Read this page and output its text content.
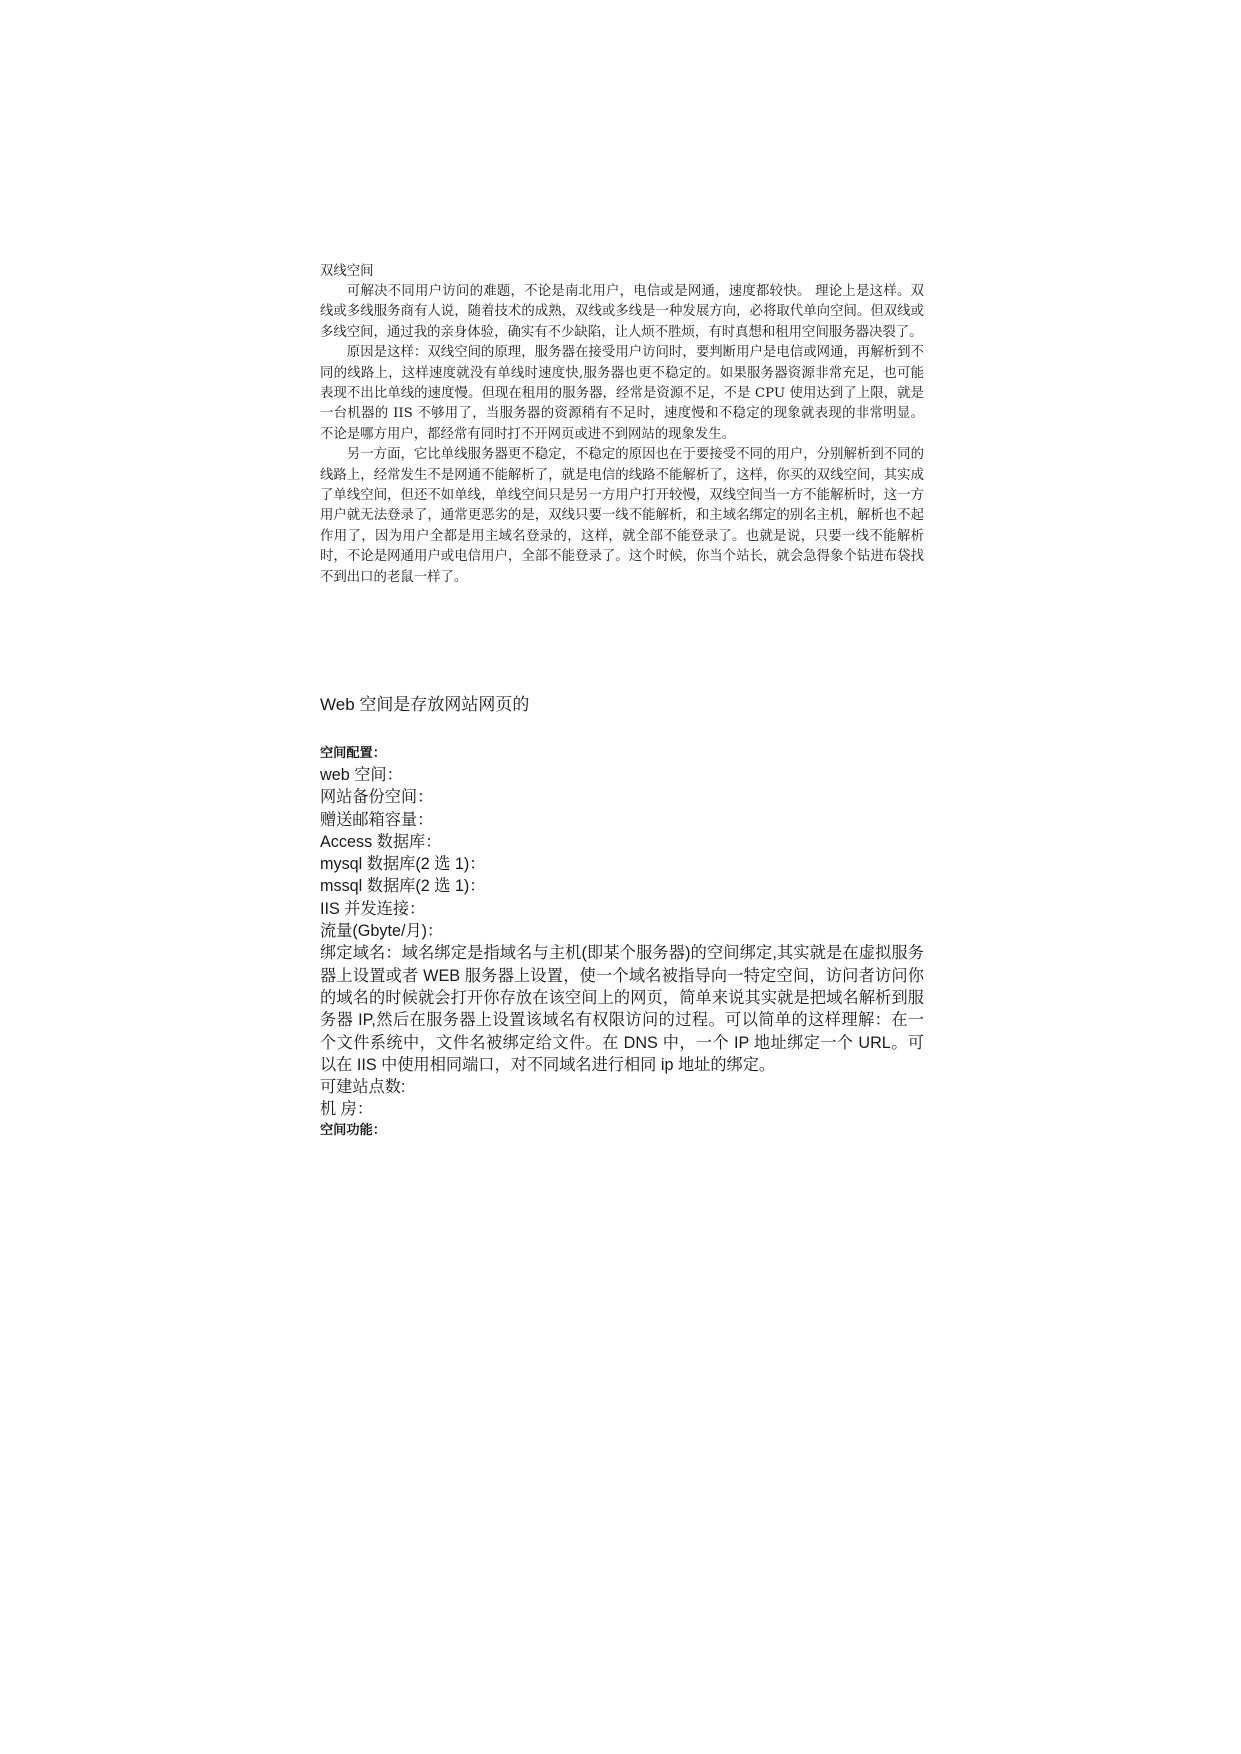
双线空间

可解决不同用户访问的难题，不论是南北用户，电信或是网通，速度都较快。 理论上是这样。双线或多线服务商有人说，随着技术的成熟，双线或多线是一种发展方向，必将取代单向空间。但双线或多线空间，通过我的亲身体验，确实有不少缺陷，让人烦不胜烦，有时真想和租用空间服务器决裂了。

原因是这样：双线空间的原理，服务器在接受用户访问时，要判断用户是电信或网通，再解析到不同的线路上，这样速度就没有单线时速度快,服务器也更不稳定的。如果服务器资源非常充足，也可能表现不出比单线的速度慢。但现在租用的服务器，经常是资源不足，不是 CPU 使用达到了上限，就是一台机器的 IIS 不够用了，当服务器的资源稍有不足时，速度慢和不稳定的现象就表现的非常明显。不论是哪方用户，都经常有同时打不开网页或进不到网站的现象发生。

另一方面，它比单线服务器更不稳定，不稳定的原因也在于要接受不同的用户，分别解析到不同的线路上，经常发生不是网通不能解析了，就是电信的线路不能解析了，这样，你买的双线空间，其实成了单线空间，但还不如单线，单线空间只是另一方用户打开较慢，双线空间当一方不能解析时，这一方用户就无法登录了，通常更恶劣的是，双线只要一线不能解析，和主域名绑定的别名主机，解析也不起作用了，因为用户全都是用主域名登录的，这样，就全部不能登录了。也就是说，只要一线不能解析时，不论是网通用户或电信用户，全部不能登录了。这个时候，你当个站长，就会急得象个钻进布袋找不到出口的老鼠一样了。

Web 空间是存放网站网页的

空间配置：

web 空间：

网站备份空间：

赠送邮箱容量：

Access 数据库：

mysql 数据库(2 选 1)：

mssql 数据库(2 选 1)：

IIS 并发连接：

流量(Gbyte/月)：

绑定域名：域名绑定是指域名与主机(即某个服务器)的空间绑定,其实就是在虚拟服务器上设置或者 WEB 服务器上设置，使一个域名被指导向一特定空间，访问者访问你的域名的时候就会打开你存放在该空间上的网页，简单来说其实就是把域名解析到服务器 IP,然后在服务器上设置该域名有权限访问的过程。可以简单的这样理解：在一个文件系统中，文件名被绑定给文件。在 DNS 中，一个 IP 地址绑定一个 URL。可以在 IIS 中使用相同端口，对不同域名进行相同 ip 地址的绑定。

可建站点数:

机 房：

空间功能：
